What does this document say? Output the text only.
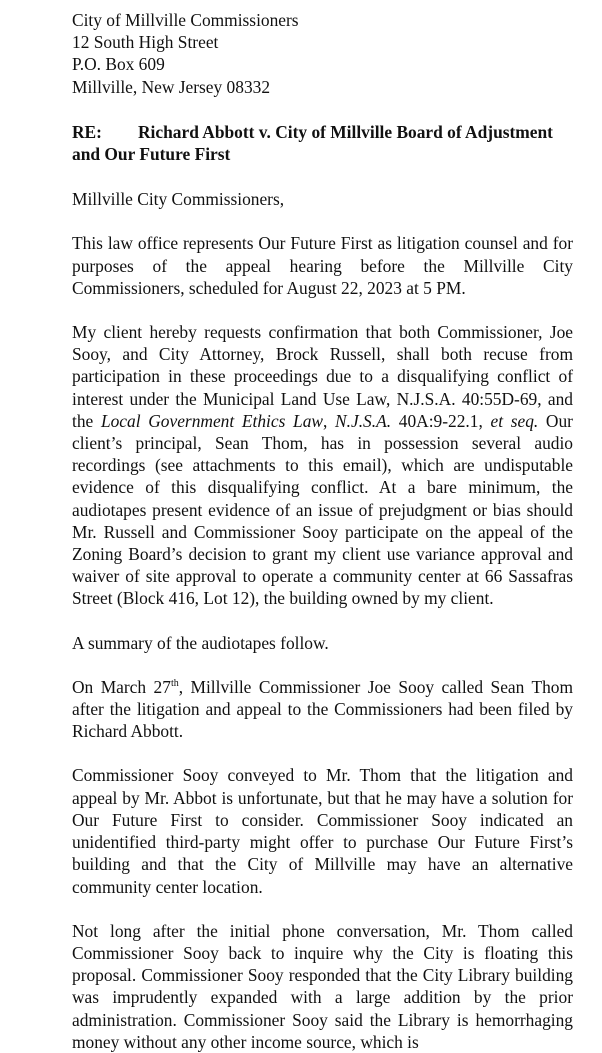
City of Millville Commissioners
12 South High Street
P.O. Box 609
Millville, New Jersey 08332
RE: Richard Abbott v. City of Millville Board of Adjustment and Our Future First

Millville City Commissioners,

This law office represents Our Future First as litigation counsel and for purposes of the appeal hearing before the Millville City Commissioners, scheduled for August 22, 2023 at 5 PM.

My client hereby requests confirmation that both Commissioner, Joe Sooy, and City Attorney, Brock Russell, shall both recuse from participation in these proceedings due to a disqualifying conflict of interest under the Municipal Land Use Law, N.J.S.A. 40:55D-69, and the Local Government Ethics Law, N.J.S.A. 40A:9-22.1, et seq. Our client’s principal, Sean Thom, has in possession several audio recordings (see attachments to this email), which are undisputable evidence of this disqualifying conflict. At a bare minimum, the audiotapes present evidence of an issue of prejudgment or bias should Mr. Russell and Commissioner Sooy participate on the appeal of the Zoning Board’s decision to grant my client use variance approval and waiver of site approval to operate a community center at 66 Sassafras Street (Block 416, Lot 12), the building owned by my client.

A summary of the audiotapes follow.

On March 27th, Millville Commissioner Joe Sooy called Sean Thom after the litigation and appeal to the Commissioners had been filed by Richard Abbott.

Commissioner Sooy conveyed to Mr. Thom that the litigation and appeal by Mr. Abbot is unfortunate, but that he may have a solution for Our Future First to consider. Commissioner Sooy indicated an unidentified third-party might offer to purchase Our Future First’s building and that the City of Millville may have an alternative community center location.

Not long after the initial phone conversation, Mr. Thom called Commissioner Sooy back to inquire why the City is floating this proposal. Commissioner Sooy responded that the City Library building was imprudently expanded with a large addition by the prior administration. Commissioner Sooy said the Library is hemorrhaging money without any other income source, which is
